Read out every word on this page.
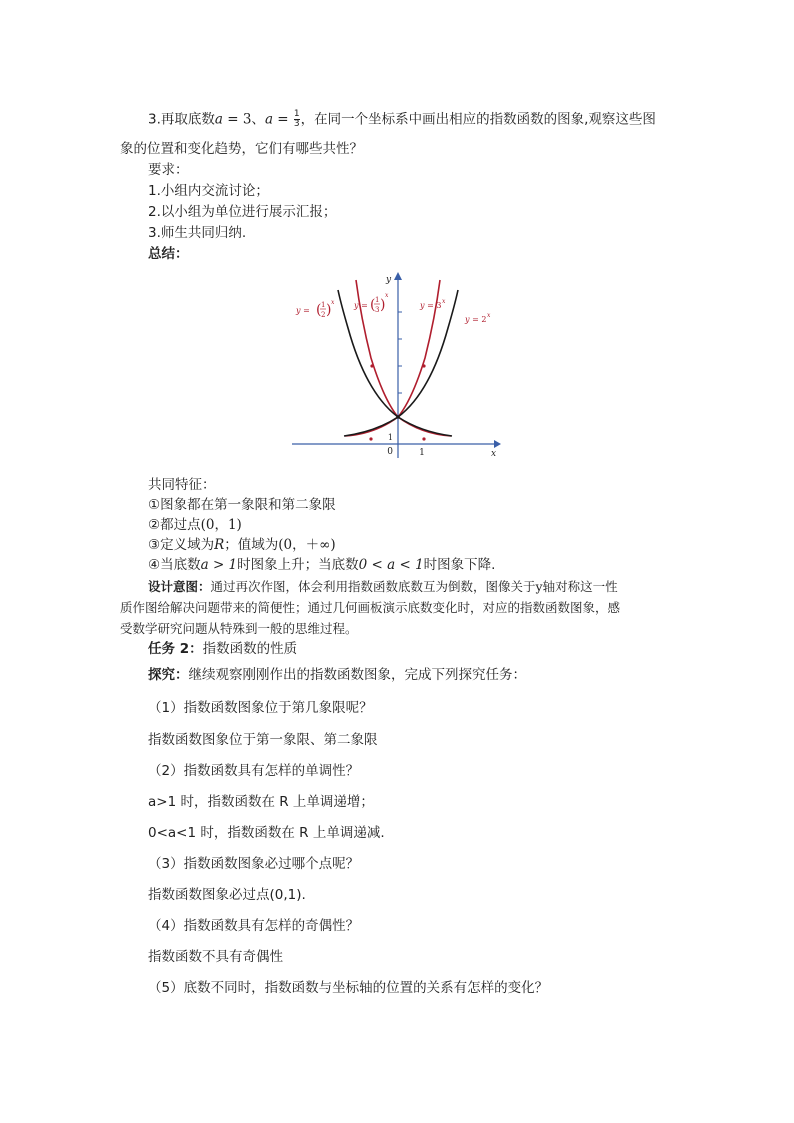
3.再取底数a = 3、$a = \frac{1}{3}$ ，在同一个坐标系中画出相应的指数函数的图象,观察这些图
象的位置和变化趋势，它们有哪些共性？
要求：
1.小组内交流讨论；
2.以小组为单位进行展示汇报；
3.师生共同归纳.
总结：
1
0	1	x
y
y = ( 1
2 ) x y = ( 1
3 )
x
y = 3 x
y = 2 x
共同特征：
①图象都在第一象限和第二象限
②都过点(0，1)
③定义域为R；值域为(0，＋∞)
④当底数a > 1时图象上升；当底数0 < a < 1时图象下降.
设计意图：通过再次作图，体会利用指数函数底数互为倒数，图像关于y轴对称这一性
质作图给解决问题带来的简便性；通过几何画板演示底数变化时，对应的指数函数图象，感
受数学研究问题从特殊到一般的思维过程。
任务 2：指数函数的性质
探究：继续观察刚刚作出的指数函数图象，完成下列探究任务：
（1）指数函数图象位于第几象限呢？
指数函数图象位于第一象限、第二象限
（2）指数函数具有怎样的单调性？
a>1 时，指数函数在 R 上单调递增；
0<a<1 时，指数函数在 R 上单调递减.
（3）指数函数图象必过哪个点呢？
指数函数图象必过点(0,1).
（4）指数函数具有怎样的奇偶性？
指数函数不具有奇偶性
（5）底数不同时，指数函数与坐标轴的位置的关系有怎样的变化？
